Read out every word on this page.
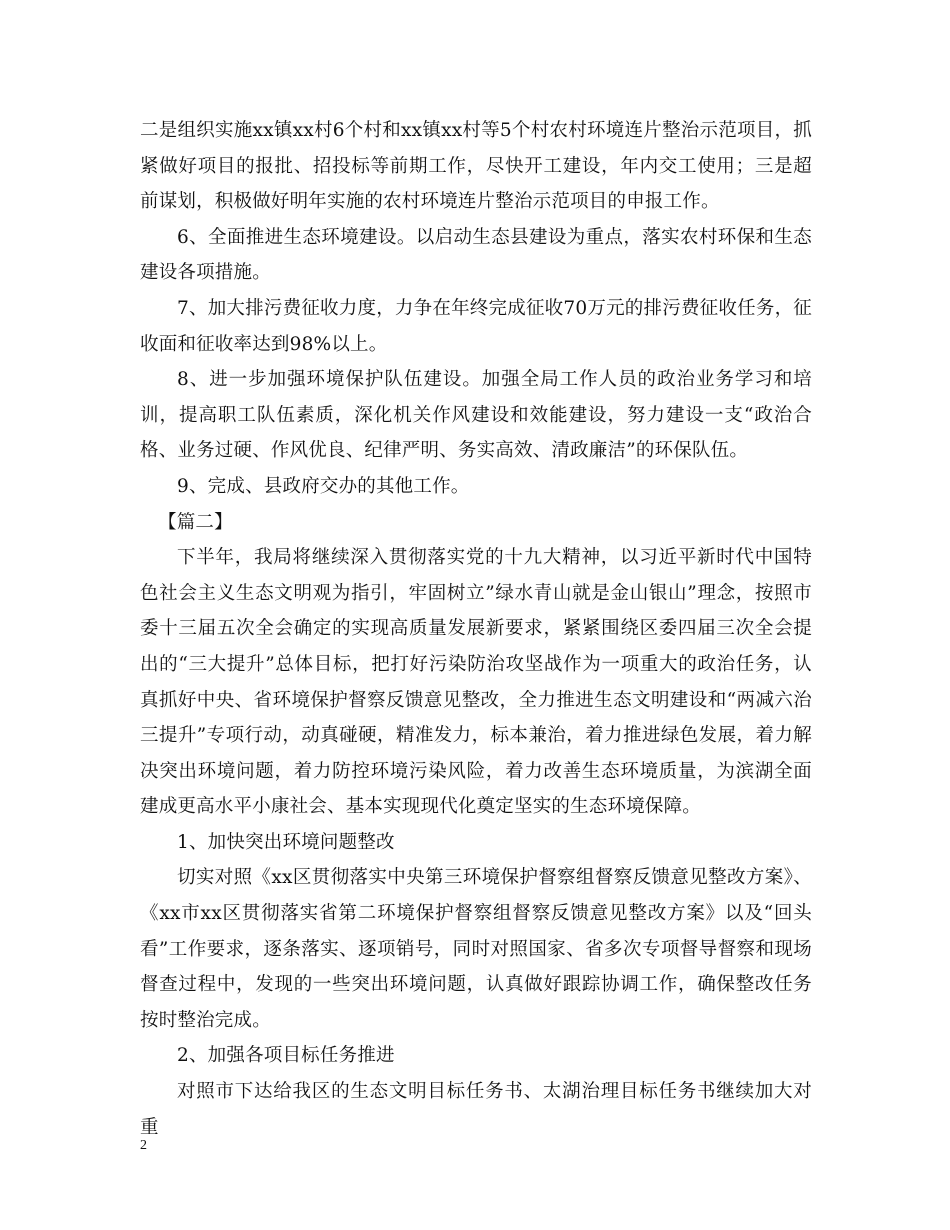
二是组织实施xx镇xx村6个村和xx镇xx村等5个村农村环境连片整治示范项目，抓紧做好项目的报批、招投标等前期工作，尽快开工建设，年内交工使用；三是超前谋划，积极做好明年实施的农村环境连片整治示范项目的申报工作。

6、全面推进生态环境建设。以启动生态县建设为重点，落实农村环保和生态建设各项措施。

7、加大排污费征收力度，力争在年终完成征收70万元的排污费征收任务，征收面和征收率达到98%以上。

8、进一步加强环境保护队伍建设。加强全局工作人员的政治业务学习和培训，提高职工队伍素质，深化机关作风建设和效能建设，努力建设一支“政治合格、业务过硬、作风优良、纪律严明、务实高效、清政廉洁”的环保队伍。

9、完成、县政府交办的其他工作。

【篇二】

下半年，我局将继续深入贯彻落实党的十九大精神，以习近平新时代中国特色社会主义生态文明观为指引，牢固树立”绿水青山就是金山银山”理念，按照市委十三届五次全会确定的实现高质量发展新要求，紧紧围绕区委四届三次全会提出的“三大提升”总体目标，把打好污染防治攻坚战作为一项重大的政治任务，认真抓好中央、省环境保护督察反馈意见整改，全力推进生态文明建设和“两减六治三提升”专项行动，动真碰硬，精准发力，标本兼治，着力推进绿色发展，着力解决突出环境问题，着力防控环境污染风险，着力改善生态环境质量，为滨湖全面建成更高水平小康社会、基本实现现代化奠定坚实的生态环境保障。

1、加快突出环境问题整改

切实对照《xx区贯彻落实中央第三环境保护督察组督察反馈意见整改方案》、《xx市xx区贯彻落实省第二环境保护督察组督察反馈意见整改方案》以及“回头看”工作要求，逐条落实、逐项销号，同时对照国家、省多次专项督导督察和现场督查过程中，发现的一些突出环境问题，认真做好跟踪协调工作，确保整改任务按时整治完成。

2、加强各项目标任务推进

对照市下达给我区的生态文明目标任务书、太湖治理目标任务书继续加大对重

2
